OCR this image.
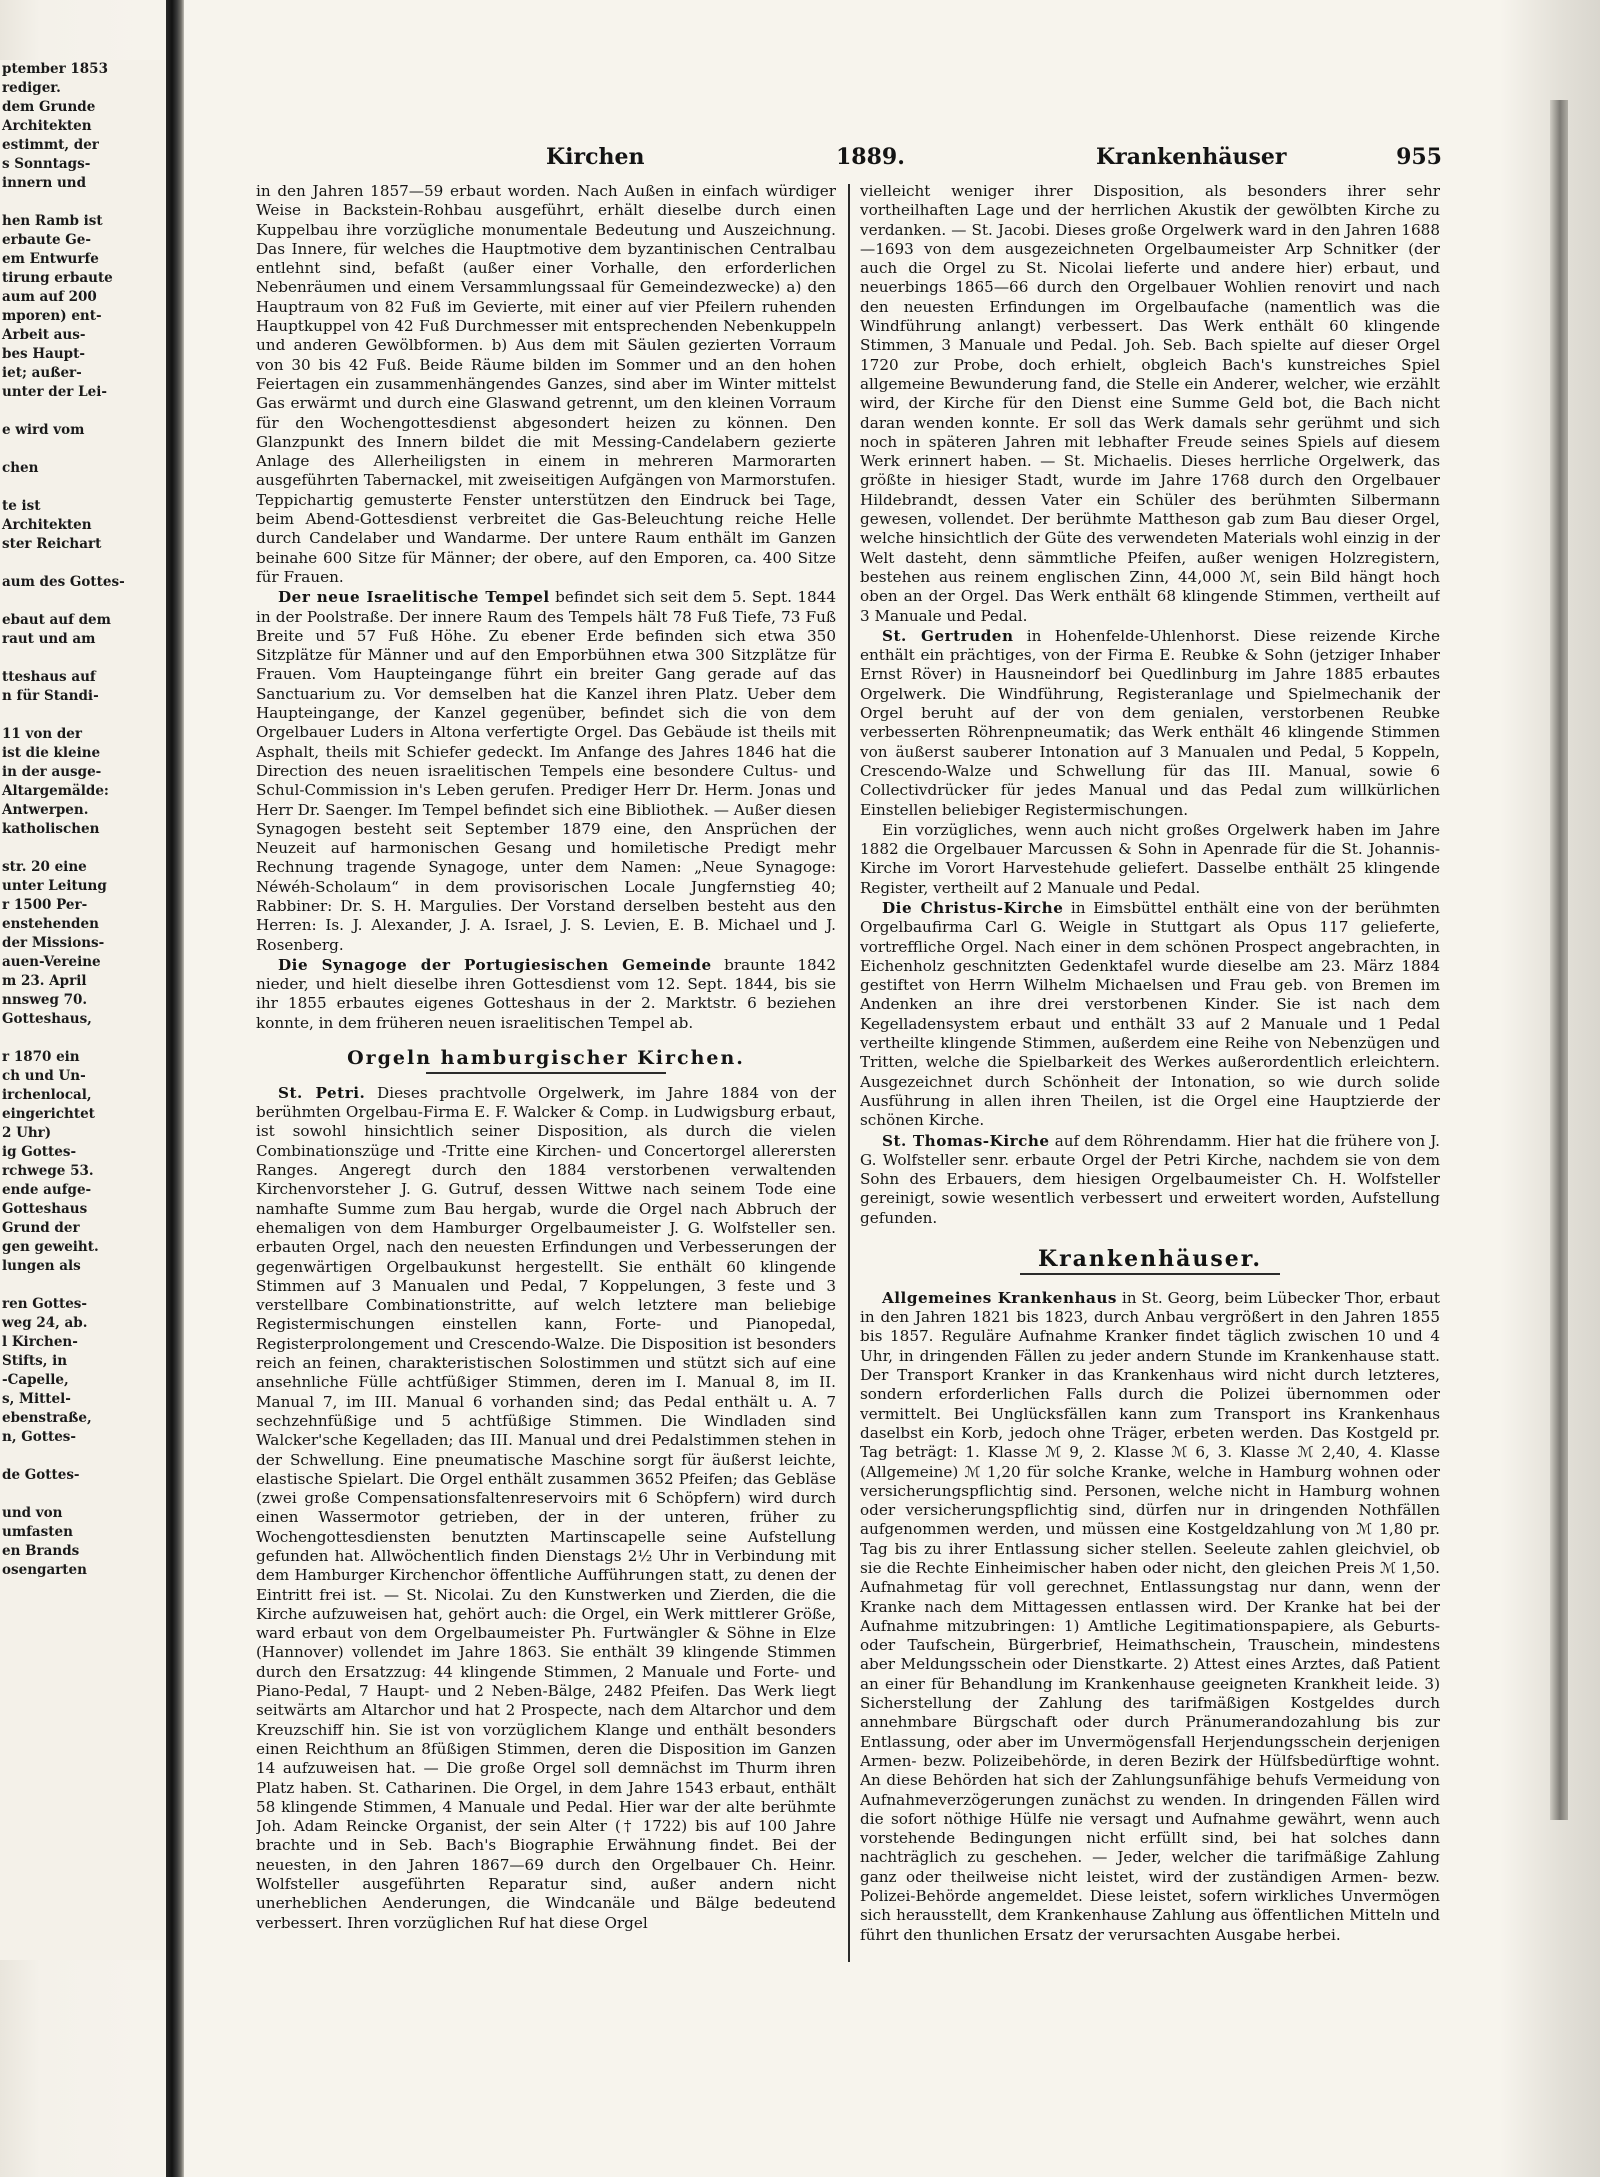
ptember 1853
rediger.
dem Grunde
Architekten
estimmt, der
s Sonntags-
innern und

hen Ramb ist
erbaute Ge-
em Entwurfe
tirung erbaute
aum auf 200
mporen) ent-
Arbeit aus-
bes Haupt-
iet; außer-
unter der Lei-

e wird vom

chen

te ist
Architekten
ster Reichart

aum des Gottes-

ebaut auf dem
raut und am

tteshaus auf
n für Standi-

11 von der
ist die kleine
in der ausge-
Altargemälde:
Antwerpen.
katholischen

str. 20 eine
unter Leitung
r 1500 Per-
enstehenden
der Missions-
auen-Vereine
m 23. April
nnsweg 70.
Gotteshaus,

r 1870 ein
ch und Un-
irchenlocal,
eingerichtet
2 Uhr)
ig Gottes-
rchwege 53.
ende aufge-
Gotteshaus
Grund der
gen geweiht.
lungen als

ren Gottes-
weg 24, ab.
l Kirchen-
Stifts, in
-Capelle,
s, Mittel-
ebenstraße,
n, Gottes-

de Gottes-

und von
umfasten
en Brands
osengarten
Kirchen	1889.	Krankenhäuser	955

in den Jahren 1857—59 erbaut worden. Nach Außen in einfach würdiger Weise in Backstein-Rohbau ausgeführt, erhält dieselbe durch einen Kuppelbau ihre vorzügliche monumentale Bedeutung und Auszeichnung. Das Innere, für welches die Hauptmotive dem byzantinischen Centralbau entlehnt sind, befaßt (außer einer Vorhalle, den erforderlichen Nebenräumen und einem Versammlungssaal für Gemeindezwecke) a) den Hauptraum von 82 Fuß im Gevierte, mit einer auf vier Pfeilern ruhenden Hauptkuppel von 42 Fuß Durchmesser mit entsprechenden Nebenkuppeln und anderen Gewölbformen. b) Aus dem mit Säulen gezierten Vorraum von 30 bis 42 Fuß. Beide Räume bilden im Sommer und an den hohen Feiertagen ein zusammenhängendes Ganzes, sind aber im Winter mittelst Gas erwärmt und durch eine Glaswand getrennt, um den kleinen Vorraum für den Wochengottesdienst abgesondert heizen zu können. Den Glanzpunkt des Innern bildet die mit Messing-Candelabern gezierte Anlage des Allerheiligsten in einem in mehreren Marmorarten ausgeführten Tabernackel, mit zweiseitigen Aufgängen von Marmorstufen. Teppichartig gemusterte Fenster unterstützen den Eindruck bei Tage, beim Abend-Gottesdienst verbreitet die Gas-Beleuchtung reiche Helle durch Candelaber und Wandarme. Der untere Raum enthält im Ganzen beinahe 600 Sitze für Männer; der obere, auf den Emporen, ca. 400 Sitze für Frauen.

Der neue Israelitische Tempel befindet sich seit dem 5. Sept. 1844 in der Poolstraße. Der innere Raum des Tempels hält 78 Fuß Tiefe, 73 Fuß Breite und 57 Fuß Höhe. Zu ebener Erde befinden sich etwa 350 Sitzplätze für Männer und auf den Emporbühnen etwa 300 Sitzplätze für Frauen. Vom Haupteingange führt ein breiter Gang gerade auf das Sanctuarium zu. Vor demselben hat die Kanzel ihren Platz. Ueber dem Haupteingange, der Kanzel gegenüber, befindet sich die von dem Orgelbauer Luders in Altona verfertigte Orgel. Das Gebäude ist theils mit Asphalt, theils mit Schiefer gedeckt. Im Anfange des Jahres 1846 hat die Direction des neuen israelitischen Tempels eine besondere Cultus- und Schul-Commission in's Leben gerufen. Prediger Herr Dr. Herm. Jonas und Herr Dr. Saenger. Im Tempel befindet sich eine Bibliothek. — Außer diesen Synagogen besteht seit September 1879 eine, den Ansprüchen der Neuzeit auf harmonischen Gesang und homiletische Predigt mehr Rechnung tragende Synagoge, unter dem Namen: „Neue Synagoge: Néwéh-Scholaum“ in dem provisorischen Locale Jungfernstieg 40; Rabbiner: Dr. S. H. Margulies. Der Vorstand derselben besteht aus den Herren: Is. J. Alexander, J. A. Israel, J. S. Levien, E. B. Michael und J. Rosenberg.

Die Synagoge der Portugiesischen Gemeinde braunte 1842 nieder, und hielt dieselbe ihren Gottesdienst vom 12. Sept. 1844, bis sie ihr 1855 erbautes eigenes Gotteshaus in der 2. Marktstr. 6 beziehen konnte, in dem früheren neuen israelitischen Tempel ab.

Orgeln hamburgischer Kirchen.

St. Petri. Dieses prachtvolle Orgelwerk, im Jahre 1884 von der berühmten Orgelbau-Firma E. F. Walcker & Comp. in Ludwigsburg erbaut, ist sowohl hinsichtlich seiner Disposition, als durch die vielen Combinationszüge und -Tritte eine Kirchen- und Concertorgel allerersten Ranges. Angeregt durch den 1884 verstorbenen verwaltenden Kirchenvorsteher J. G. Gutruf, dessen Wittwe nach seinem Tode eine namhafte Summe zum Bau hergab, wurde die Orgel nach Abbruch der ehemaligen von dem Hamburger Orgelbaumeister J. G. Wolfsteller sen. erbauten Orgel, nach den neuesten Erfindungen und Verbesserungen der gegenwärtigen Orgelbaukunst hergestellt. Sie enthält 60 klingende Stimmen auf 3 Manualen und Pedal, 7 Koppelungen, 3 feste und 3 verstellbare Combinationstritte, auf welch letztere man beliebige Registermischungen einstellen kann, Forte- und Pianopedal, Registerprolongement und Crescendo-Walze. Die Disposition ist besonders reich an feinen, charakteristischen Solostimmen und stützt sich auf eine ansehnliche Fülle achtfüßiger Stimmen, deren im I. Manual 8, im II. Manual 7, im III. Manual 6 vorhanden sind; das Pedal enthält u. A. 7 sechzehnfüßige und 5 achtfüßige Stimmen. Die Windladen sind Walcker'sche Kegelladen; das III. Manual und drei Pedalstimmen stehen in der Schwellung. Eine pneumatische Maschine sorgt für äußerst leichte, elastische Spielart. Die Orgel enthält zusammen 3652 Pfeifen; das Gebläse (zwei große Compensationsfaltenreservoirs mit 6 Schöpfern) wird durch einen Wassermotor getrieben, der in der unteren, früher zu Wochengottesdiensten benutzten Martinscapelle seine Aufstellung gefunden hat. Allwöchentlich finden Dienstags 2½ Uhr in Verbindung mit dem Hamburger Kirchenchor öffentliche Aufführungen statt, zu denen der Eintritt frei ist. — St. Nicolai. Zu den Kunstwerken und Zierden, die die Kirche aufzuweisen hat, gehört auch: die Orgel, ein Werk mittlerer Größe, ward erbaut von dem Orgelbaumeister Ph. Furtwängler & Söhne in Elze (Hannover) vollendet im Jahre 1863. Sie enthält 39 klingende Stimmen durch den Ersatzzug: 44 klingende Stimmen, 2 Manuale und Forte- und Piano-Pedal, 7 Haupt- und 2 Neben-Bälge, 2482 Pfeifen. Das Werk liegt seitwärts am Altarchor und hat 2 Prospecte, nach dem Altarchor und dem Kreuzschiff hin. Sie ist von vorzüglichem Klange und enthält besonders einen Reichthum an 8füßigen Stimmen, deren die Disposition im Ganzen 14 aufzuweisen hat. — Die große Orgel soll demnächst im Thurm ihren Platz haben. St. Catharinen. Die Orgel, in dem Jahre 1543 erbaut, enthält 58 klingende Stimmen, 4 Manuale und Pedal. Hier war der alte berühmte Joh. Adam Reincke Organist, der sein Alter († 1722) bis auf 100 Jahre brachte und in Seb. Bach's Biographie Erwähnung findet. Bei der neuesten, in den Jahren 1867—69 durch den Orgelbauer Ch. Heinr. Wolfsteller ausgeführten Reparatur sind, außer andern nicht unerheblichen Aenderungen, die Windcanäle und Bälge bedeutend verbessert. Ihren vorzüglichen Ruf hat diese Orgel

vielleicht weniger ihrer Disposition, als besonders ihrer sehr vortheilhaften Lage und der herrlichen Akustik der gewölbten Kirche zu verdanken. — St. Jacobi. Dieses große Orgelwerk ward in den Jahren 1688—1693 von dem ausgezeichneten Orgelbaumeister Arp Schnitker (der auch die Orgel zu St. Nicolai lieferte und andere hier) erbaut, und neuerbings 1865—66 durch den Orgelbauer Wohlien renovirt und nach den neuesten Erfindungen im Orgelbaufache (namentlich was die Windführung anlangt) verbessert. Das Werk enthält 60 klingende Stimmen, 3 Manuale und Pedal. Joh. Seb. Bach spielte auf dieser Orgel 1720 zur Probe, doch erhielt, obgleich Bach's kunstreiches Spiel allgemeine Bewunderung fand, die Stelle ein Anderer, welcher, wie erzählt wird, der Kirche für den Dienst eine Summe Geld bot, die Bach nicht daran wenden konnte. Er soll das Werk damals sehr gerühmt und sich noch in späteren Jahren mit lebhafter Freude seines Spiels auf diesem Werk erinnert haben. — St. Michaelis. Dieses herrliche Orgelwerk, das größte in hiesiger Stadt, wurde im Jahre 1768 durch den Orgelbauer Hildebrandt, dessen Vater ein Schüler des berühmten Silbermann gewesen, vollendet. Der berühmte Mattheson gab zum Bau dieser Orgel, welche hinsichtlich der Güte des verwendeten Materials wohl einzig in der Welt dasteht, denn sämmtliche Pfeifen, außer wenigen Holzregistern, bestehen aus reinem englischen Zinn, 44,000 ℳ, sein Bild hängt hoch oben an der Orgel. Das Werk enthält 68 klingende Stimmen, vertheilt auf 3 Manuale und Pedal.

St. Gertruden in Hohenfelde-Uhlenhorst. Diese reizende Kirche enthält ein prächtiges, von der Firma E. Reubke & Sohn (jetziger Inhaber Ernst Röver) in Hausneindorf bei Quedlinburg im Jahre 1885 erbautes Orgelwerk. Die Windführung, Registeranlage und Spielmechanik der Orgel beruht auf der von dem genialen, verstorbenen Reubke verbesserten Röhrenpneumatik; das Werk enthält 46 klingende Stimmen von äußerst sauberer Intonation auf 3 Manualen und Pedal, 5 Koppeln, Crescendo-Walze und Schwellung für das III. Manual, sowie 6 Collectivdrücker für jedes Manual und das Pedal zum willkürlichen Einstellen beliebiger Registermischungen.

Ein vorzügliches, wenn auch nicht großes Orgelwerk haben im Jahre 1882 die Orgelbauer Marcussen & Sohn in Apenrade für die St. Johannis-Kirche im Vorort Harvestehude geliefert. Dasselbe enthält 25 klingende Register, vertheilt auf 2 Manuale und Pedal.

Die Christus-Kirche in Eimsbüttel enthält eine von der berühmten Orgelbaufirma Carl G. Weigle in Stuttgart als Opus 117 gelieferte, vortreffliche Orgel. Nach einer in dem schönen Prospect angebrachten, in Eichenholz geschnitzten Gedenktafel wurde dieselbe am 23. März 1884 gestiftet von Herrn Wilhelm Michaelsen und Frau geb. von Bremen im Andenken an ihre drei verstorbenen Kinder. Sie ist nach dem Kegelladensystem erbaut und enthält 33 auf 2 Manuale und 1 Pedal vertheilte klingende Stimmen, außerdem eine Reihe von Nebenzügen und Tritten, welche die Spielbarkeit des Werkes außerordentlich erleichtern. Ausgezeichnet durch Schönheit der Intonation, so wie durch solide Ausführung in allen ihren Theilen, ist die Orgel eine Hauptzierde der schönen Kirche.

St. Thomas-Kirche auf dem Röhrendamm. Hier hat die frühere von J. G. Wolfsteller senr. erbaute Orgel der Petri Kirche, nachdem sie von dem Sohn des Erbauers, dem hiesigen Orgelbaumeister Ch. H. Wolfsteller gereinigt, sowie wesentlich verbessert und erweitert worden, Aufstellung gefunden.

Krankenhäuser.

Allgemeines Krankenhaus in St. Georg, beim Lübecker Thor, erbaut in den Jahren 1821 bis 1823, durch Anbau vergrößert in den Jahren 1855 bis 1857. Reguläre Aufnahme Kranker findet täglich zwischen 10 und 4 Uhr, in dringenden Fällen zu jeder andern Stunde im Krankenhause statt. Der Transport Kranker in das Krankenhaus wird nicht durch letzteres, sondern erforderlichen Falls durch die Polizei übernommen oder vermittelt. Bei Unglücksfällen kann zum Transport ins Krankenhaus daselbst ein Korb, jedoch ohne Träger, erbeten werden. Das Kostgeld pr. Tag beträgt: 1. Klasse ℳ 9, 2. Klasse ℳ 6, 3. Klasse ℳ 2,40, 4. Klasse (Allgemeine) ℳ 1,20 für solche Kranke, welche in Hamburg wohnen oder versicherungspflichtig sind. Personen, welche nicht in Hamburg wohnen oder versicherungspflichtig sind, dürfen nur in dringenden Nothfällen aufgenommen werden, und müssen eine Kostgeldzahlung von ℳ 1,80 pr. Tag bis zu ihrer Entlassung sicher stellen. Seeleute zahlen gleichviel, ob sie die Rechte Einheimischer haben oder nicht, den gleichen Preis ℳ 1,50. Aufnahmetag für voll gerechnet, Entlassungstag nur dann, wenn der Kranke nach dem Mittagessen entlassen wird. Der Kranke hat bei der Aufnahme mitzubringen: 1) Amtliche Legitimationspapiere, als Geburts- oder Taufschein, Bürgerbrief, Heimathschein, Trauschein, mindestens aber Meldungsschein oder Dienstkarte. 2) Attest eines Arztes, daß Patient an einer für Behandlung im Krankenhause geeigneten Krankheit leide. 3) Sicherstellung der Zahlung des tarifmäßigen Kostgeldes durch annehmbare Bürgschaft oder durch Pränumerandozahlung bis zur Entlassung, oder aber im Unvermögensfall Herjendungsschein derjenigen Armen- bezw. Polizeibehörde, in deren Bezirk der Hülfsbedürftige wohnt. An diese Behörden hat sich der Zahlungsunfähige behufs Vermeidung von Aufnahmeverzögerungen zunächst zu wenden. In dringenden Fällen wird die sofort nöthige Hülfe nie versagt und Aufnahme gewährt, wenn auch vorstehende Bedingungen nicht erfüllt sind, bei hat solches dann nachträglich zu geschehen. — Jeder, welcher die tarifmäßige Zahlung ganz oder theilweise nicht leistet, wird der zuständigen Armen- bezw. Polizei-Behörde angemeldet. Diese leistet, sofern wirkliches Unvermögen sich herausstellt, dem Krankenhause Zahlung aus öffentlichen Mitteln und führt den thunlichen Ersatz der verursachten Ausgabe herbei.
